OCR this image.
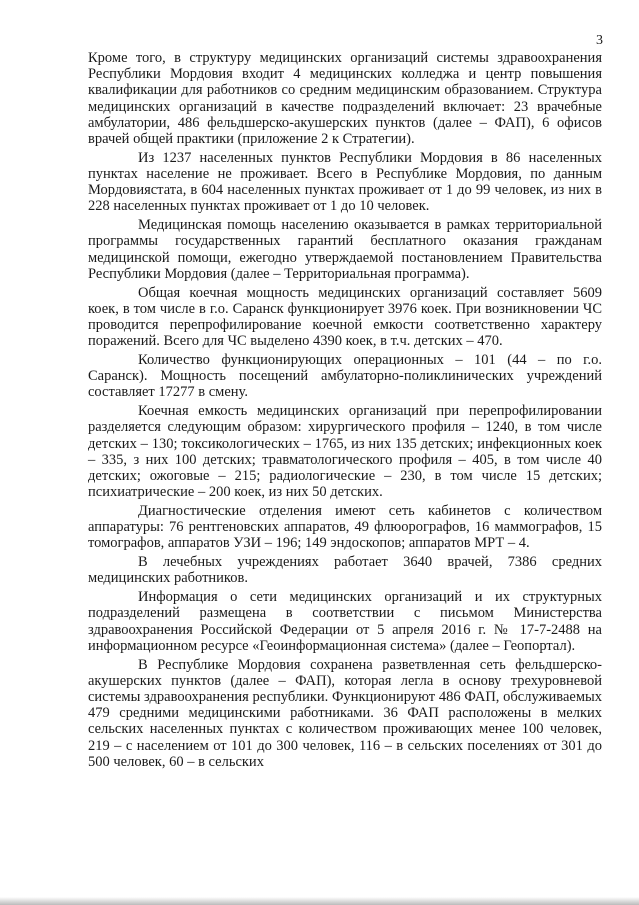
3

Кроме того, в структуру медицинских организаций системы здравоохранения Республики Мордовия входит 4 медицинских колледжа и центр повышения квалификации для работников со средним медицинским образованием. Структура медицинских организаций в качестве подразделений включает: 23 врачебные амбулатории, 486 фельдшерско-акушерских пунктов (далее – ФАП), 6 офисов врачей общей практики (приложение 2 к Стратегии).

Из 1237 населенных пунктов Республики Мордовия в 86 населенных пунктах население не проживает. Всего в Республике Мордовия, по данным Мордовиястата, в 604 населенных пунктах проживает от 1 до 99 человек, из них в 228 населенных пунктах проживает от 1 до 10 человек.

Медицинская помощь населению оказывается в рамках территориальной программы государственных гарантий бесплатного оказания гражданам медицинской помощи, ежегодно утверждаемой постановлением Правительства Республики Мордовия (далее – Территориальная программа).

Общая коечная мощность медицинских организаций составляет 5609 коек, в том числе в г.о. Саранск функционирует 3976 коек. При возникновении ЧС проводится перепрофилирование коечной емкости соответственно характеру поражений. Всего для ЧС выделено 4390 коек, в т.ч. детских – 470.

Количество функционирующих операционных – 101 (44 – по г.о. Саранск). Мощность посещений амбулаторно-поликлинических учреждений составляет 17277 в смену.

Коечная емкость медицинских организаций при перепрофилировании разделяется следующим образом: хирургического профиля – 1240, в том числе детских – 130; токсикологических – 1765, из них 135 детских; инфекционных коек – 335, з них 100 детских; травматологического профиля – 405, в том числе 40 детских; ожоговые – 215; радиологические – 230, в том числе 15 детских; психиатрические – 200 коек, из них 50 детских.

Диагностические отделения имеют сеть кабинетов с количеством аппаратуры: 76 рентгеновских аппаратов, 49 флюорографов, 16 маммографов, 15 томографов, аппаратов УЗИ – 196; 149 эндоскопов; аппаратов МРТ – 4.

В лечебных учреждениях работает 3640 врачей, 7386 средних медицинских работников.

Информация о сети медицинских организаций и их структурных подразделений размещена в соответствии с письмом Министерства здравоохранения Российской Федерации от 5 апреля 2016 г. № 17-7-2488 на информационном ресурсе «Геоинформационная система» (далее – Геопортал).

В Республике Мордовия сохранена разветвленная сеть фельдшерско-акушерских пунктов (далее – ФАП), которая легла в основу трехуровневой системы здравоохранения республики. Функционируют 486 ФАП, обслуживаемых 479 средними медицинскими работниками. 36 ФАП расположены в мелких сельских населенных пунктах с количеством проживающих менее 100 человек, 219 – с населением от 101 до 300 человек, 116 – в сельских поселениях от 301 до 500 человек, 60 – в сельских
